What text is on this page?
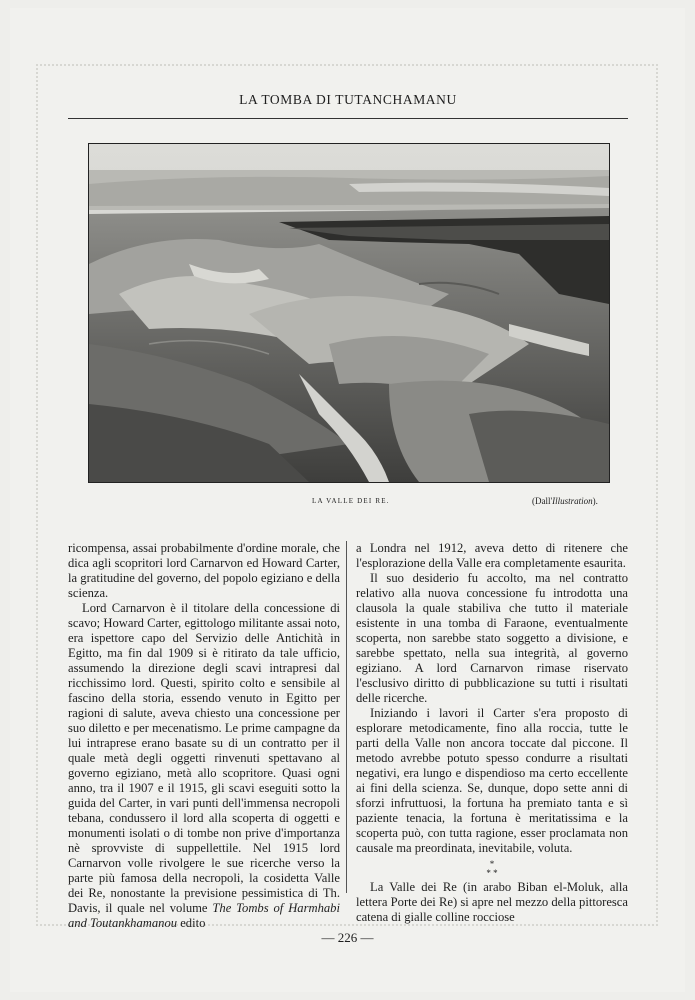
LA TOMBA DI TUTANCHAMANU
LA VALLE DEI RE.	(Dall'Illustration).

ricompensa, assai probabilmente d'ordine morale, che dica agli scopritori lord Carnarvon ed Howard Carter, la gratitudine del governo, del popolo egiziano e della scienza.

Lord Carnarvon è il titolare della concessione di scavo; Howard Carter, egittologo militante assai noto, era ispettore capo del Servizio delle Antichità in Egitto, ma fin dal 1909 si è ritirato da tale ufficio, assumendo la direzione degli scavi intrapresi dal ricchissimo lord. Questi, spirito colto e sensibile al fascino della storia, essendo venuto in Egitto per ragioni di salute, aveva chiesto una concessione per suo diletto e per mecenatismo. Le prime campagne da lui intraprese erano basate su di un contratto per il quale metà degli oggetti rinvenuti spettavano al governo egiziano, metà allo scopritore. Quasi ogni anno, tra il 1907 e il 1915, gli scavi eseguiti sotto la guida del Carter, in vari punti dell'immensa necropoli tebana, condussero il lord alla scoperta di oggetti e monumenti isolati o di tombe non prive d'importanza nè sprovviste di suppellettile. Nel 1915 lord Carnarvon volle rivolgere le sue ricerche verso la parte più famosa della necropoli, la cosidetta Valle dei Re, nonostante la previsione pessimistica di Th. Davis, il quale nel volume The Tombs of Harmhabi and Toutankhamanou edito

a Londra nel 1912, aveva detto di ritenere che l'esplorazione della Valle era completamente esaurita.

Il suo desiderio fu accolto, ma nel contratto relativo alla nuova concessione fu introdotta una clausola la quale stabiliva che tutto il materiale esistente in una tomba di Faraone, eventualmente scoperta, non sarebbe stato soggetto a divisione, e sarebbe spettato, nella sua integrità, al governo egiziano. A lord Carnarvon rimase riservato l'esclusivo diritto di pubblicazione su tutti i risultati delle ricerche.

Iniziando i lavori il Carter s'era proposto di esplorare metodicamente, fino alla roccia, tutte le parti della Valle non ancora toccate dal piccone. Il metodo avrebbe potuto spesso condurre a risultati negativi, era lungo e dispendioso ma certo eccellente ai fini della scienza. Se, dunque, dopo sette anni di sforzi infruttuosi, la fortuna ha premiato tanta e sì paziente tenacia, la fortuna è meritatissima e la scoperta può, con tutta ragione, esser proclamata non causale ma preordinata, inevitabile, voluta.

*
* *

La Valle dei Re (in arabo Biban el-Moluk, alla lettera Porte dei Re) si apre nel mezzo della pittoresca catena di gialle colline rocciose

— 226 —
